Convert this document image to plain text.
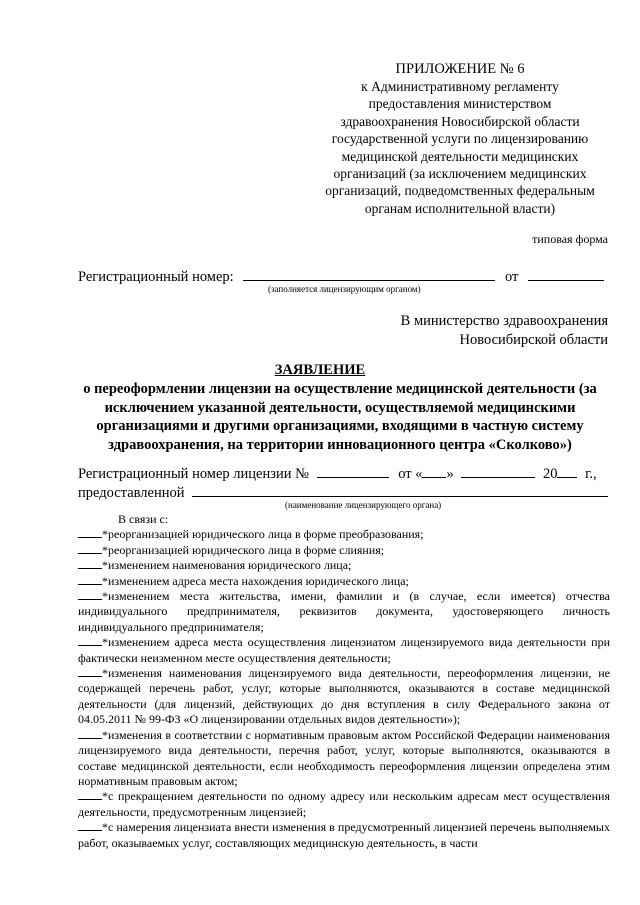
ПРИЛОЖЕНИЕ № 6
к Административному регламенту
предоставления министерством
здравоохранения Новосибирской области
государственной услуги по лицензированию
медицинской деятельности медицинских
организаций (за исключением медицинских
организаций, подведомственных федеральным
органам исполнительной власти)
типовая форма
Регистрационный номер:	от
(заполняется лицензирующим органом)
В министерство здравоохранения
Новосибирской области
ЗАЯВЛЕНИЕ
о переоформлении лицензии на осуществление медицинской деятельности (за исключением указанной деятельности, осуществляемой медицинскими организациями и другими организациями, входящими в частную систему здравоохранения, на территории инновационного центра «Сколково»)
Регистрационный номер лицензии №	от « »	20 г.,
предоставленной
(наименование лицензирующего органа)

В связи с:

*реорганизацией юридического лица в форме преобразования;

*реорганизацией юридического лица в форме слияния;

*изменением наименования юридического лица;

*изменением адреса места нахождения юридического лица;

*изменением места жительства, имени, фамилии и (в случае, если имеется) отчества индивидуального предпринимателя, реквизитов документа, удостоверяющего личность индивидуального предпринимателя;

*изменением адреса места осуществления лицензиатом лицензируемого вида деятельности при фактически неизменном месте осуществления деятельности;

*изменения наименования лицензируемого вида деятельности, переоформления лицензии, не содержащей перечень работ, услуг, которые выполняются, оказываются в составе медицинской деятельности (для лицензий, действующих до дня вступления в силу Федерального закона от 04.05.2011 № 99-ФЗ «О лицензировании отдельных видов деятельности»);

*изменения в соответствии с нормативным правовым актом Российской Федерации наименования лицензируемого вида деятельности, перечня работ, услуг, которые выполняются, оказываются в составе медицинской деятельности, если необходимость переоформления лицензии определена этим нормативным правовым актом;

*с прекращением деятельности по одному адресу или нескольким адресам мест осуществления деятельности, предусмотренным лицензией;

*с намерения лицензиата внести изменения в предусмотренный лицензией перечень выполняемых работ, оказываемых услуг, составляющих медицинскую деятельность, в части
